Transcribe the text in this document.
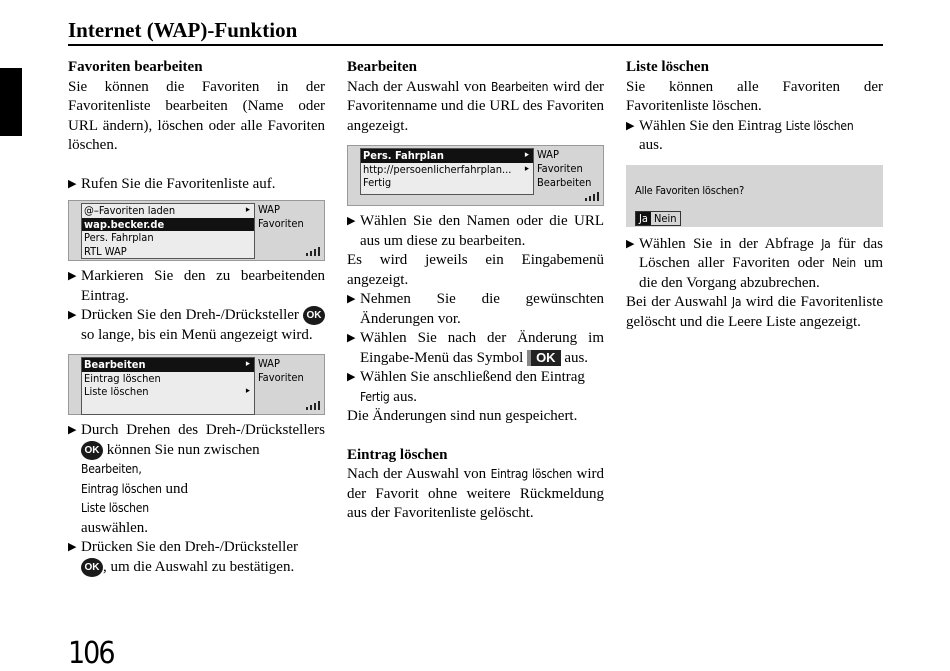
Internet (WAP)-Funktion

Favoriten bearbeiten

Sie können die Favoriten in der Favoritenliste bearbeiten (Name oder URL ändern), löschen oder alle Favoriten löschen.

▶ Rufen Sie die Favoritenliste auf.
@–Favoriten laden	▸
wap.becker.de
Pers. Fahrplan
RTL WAP
WAP
Favoriten
▶ Markieren Sie den zu bearbeitenden Eintrag.
▶ Drücken Sie den Dreh-/Drücksteller OK so lange, bis ein Menü angezeigt wird.
Bearbeiten	▸
Eintrag löschen
Liste löschen	▸
WAP
Favoriten
▶ Durch Drehen des Dreh-/Drückstellers OK können Sie nun zwischen
Bearbeiten,
Eintrag löschen und
Liste löschen
auswählen.
▶ Drücken Sie den Dreh-/Drücksteller
OK , um die Auswahl zu bestätigen.

Bearbeiten

Nach der Auswahl von Bearbeiten wird der Favoritenname und die URL des Favoriten angezeigt.

Pers. Fahrplan	▸
http://persoenlicherfahrplan... ▸
Fertig
WAP
Favoriten
Bearbeiten
▶ Wählen Sie den Namen oder die URL aus um diese zu bearbeiten.

Es wird jeweils ein Eingabemenü angezeigt.

▶ Nehmen Sie die gewünschten Änderungen vor.
▶ Wählen Sie nach der Änderung im Eingabe-Menü das Symbol OK aus.
▶ Wählen Sie anschließend den Eintrag
Fertig aus.

Die Änderungen sind nun gespeichert.

Eintrag löschen

Nach der Auswahl von Eintrag löschen wird der Favorit ohne weitere Rückmeldung aus der Favoritenliste gelöscht.

Liste löschen

Sie können alle Favoriten der Favoritenliste löschen.

▶ Wählen Sie den Eintrag Liste löschen
aus.
Alle Favoriten löschen?
Ja Nein
▶ Wählen Sie in der Abfrage Ja für das Löschen aller Favoriten oder Nein um die den Vorgang abzubrechen.

Bei der Auswahl Ja wird die Favoritenliste gelöscht und die Leere Liste angezeigt.

106
